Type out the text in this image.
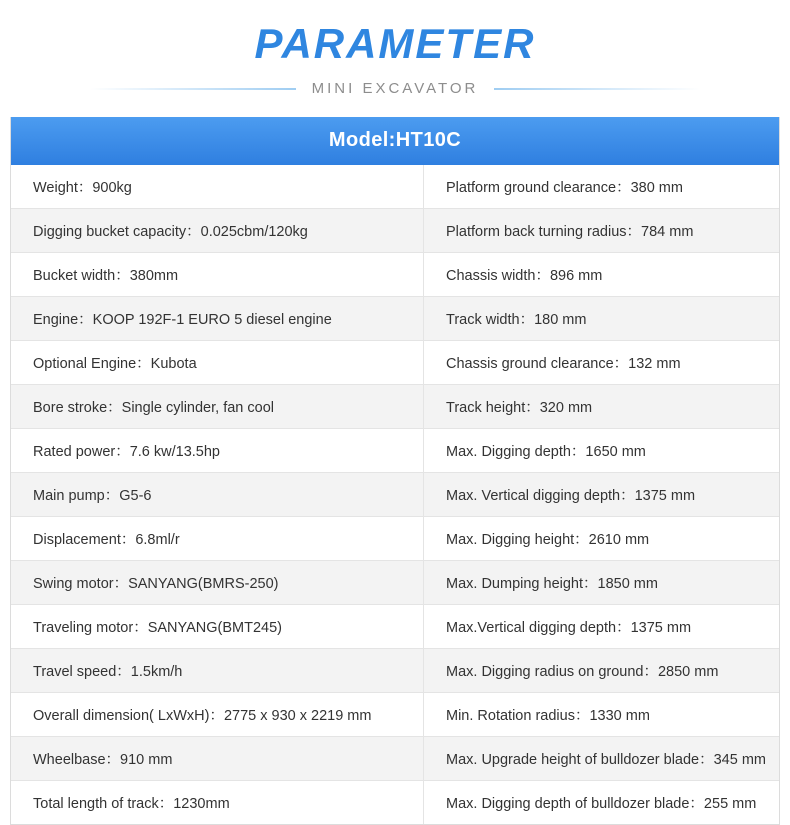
PARAMETER
MINI EXCAVATOR
Model:HT10C
Weight：900kg	Platform ground clearance：380 mm
Digging bucket capacity：0.025cbm/120kg	Platform back turning radius：784 mm
Bucket width：380mm	Chassis width：896 mm
Engine：KOOP 192F-1 EURO 5 diesel engine	Track width：180 mm
Optional Engine：Kubota	Chassis ground clearance：132 mm
Bore stroke：Single cylinder, fan cool	Track height：320 mm
Rated power：7.6 kw/13.5hp	Max. Digging depth：1650 mm
Main pump：G5-6	Max. Vertical digging depth：1375 mm
Displacement：6.8ml/r	Max. Digging height：2610 mm
Swing motor：SANYANG(BMRS-250)	Max. Dumping height：1850 mm
Traveling motor：SANYANG(BMT245)	Max.Vertical digging depth：1375 mm
Travel speed：1.5km/h	Max. Digging radius on ground：2850 mm
Overall dimension( LxWxH)：2775 x 930 x 2219 mm	Min. Rotation radius：1330 mm
Wheelbase：910 mm	Max. Upgrade height of bulldozer blade：345 mm
Total length of track：1230mm	Max. Digging depth of bulldozer blade：255 mm
